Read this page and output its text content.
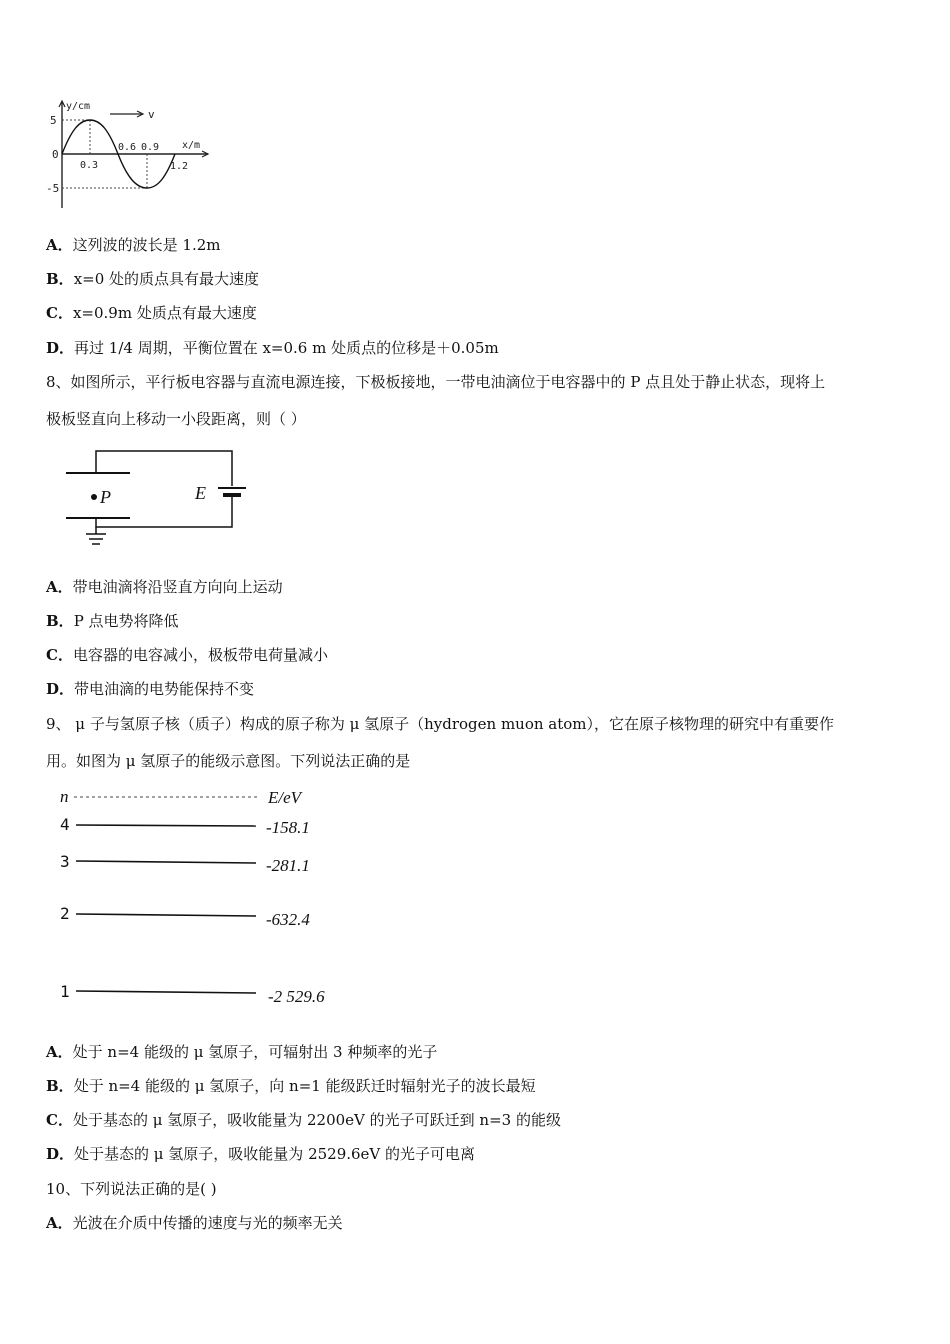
v
y/cm
x/m
5
0
-5
0.3
0.6 0.9
1.2
A．这列波的波长是 1.2m
B．x=0 处的质点具有最大速度
C．x=0.9m 处质点有最大速度
D．再过 1/4 周期，平衡位置在 x=0.6 m 处质点的位移是＋0.05m
8、如图所示，平行板电容器与直流电源连接，下极板接地，一带电油滴位于电容器中的 P 点且处于静止状态，现将上
极板竖直向上移动一小段距离，则（ ）
P	E
A．带电油滴将沿竖直方向向上运动
B．P 点电势将降低
C．电容器的电容减小，极板带电荷量减小
D．带电油滴的电势能保持不变
9、 μ 子与氢原子核（质子）构成的原子称为 μ 氢原子（hydrogen muon atom），它在原子核物理的研究中有重要作
用。如图为 μ 氢原子的能级示意图。下列说法正确的是
n	E/eV
4	-158.1
3	-281.1
2	-632.4
1	-2 529.6
A．处于 n=4 能级的 μ 氢原子，可辐射出 3 种频率的光子
B．处于 n=4 能级的 μ 氢原子，向 n=1 能级跃迁时辐射光子的波长最短
C．处于基态的 μ 氢原子，吸收能量为 2200eV 的光子可跃迁到 n=3 的能级
D．处于基态的 μ 氢原子，吸收能量为 2529.6eV 的光子可电离
10、下列说法正确的是( )
A．光波在介质中传播的速度与光的频率无关
